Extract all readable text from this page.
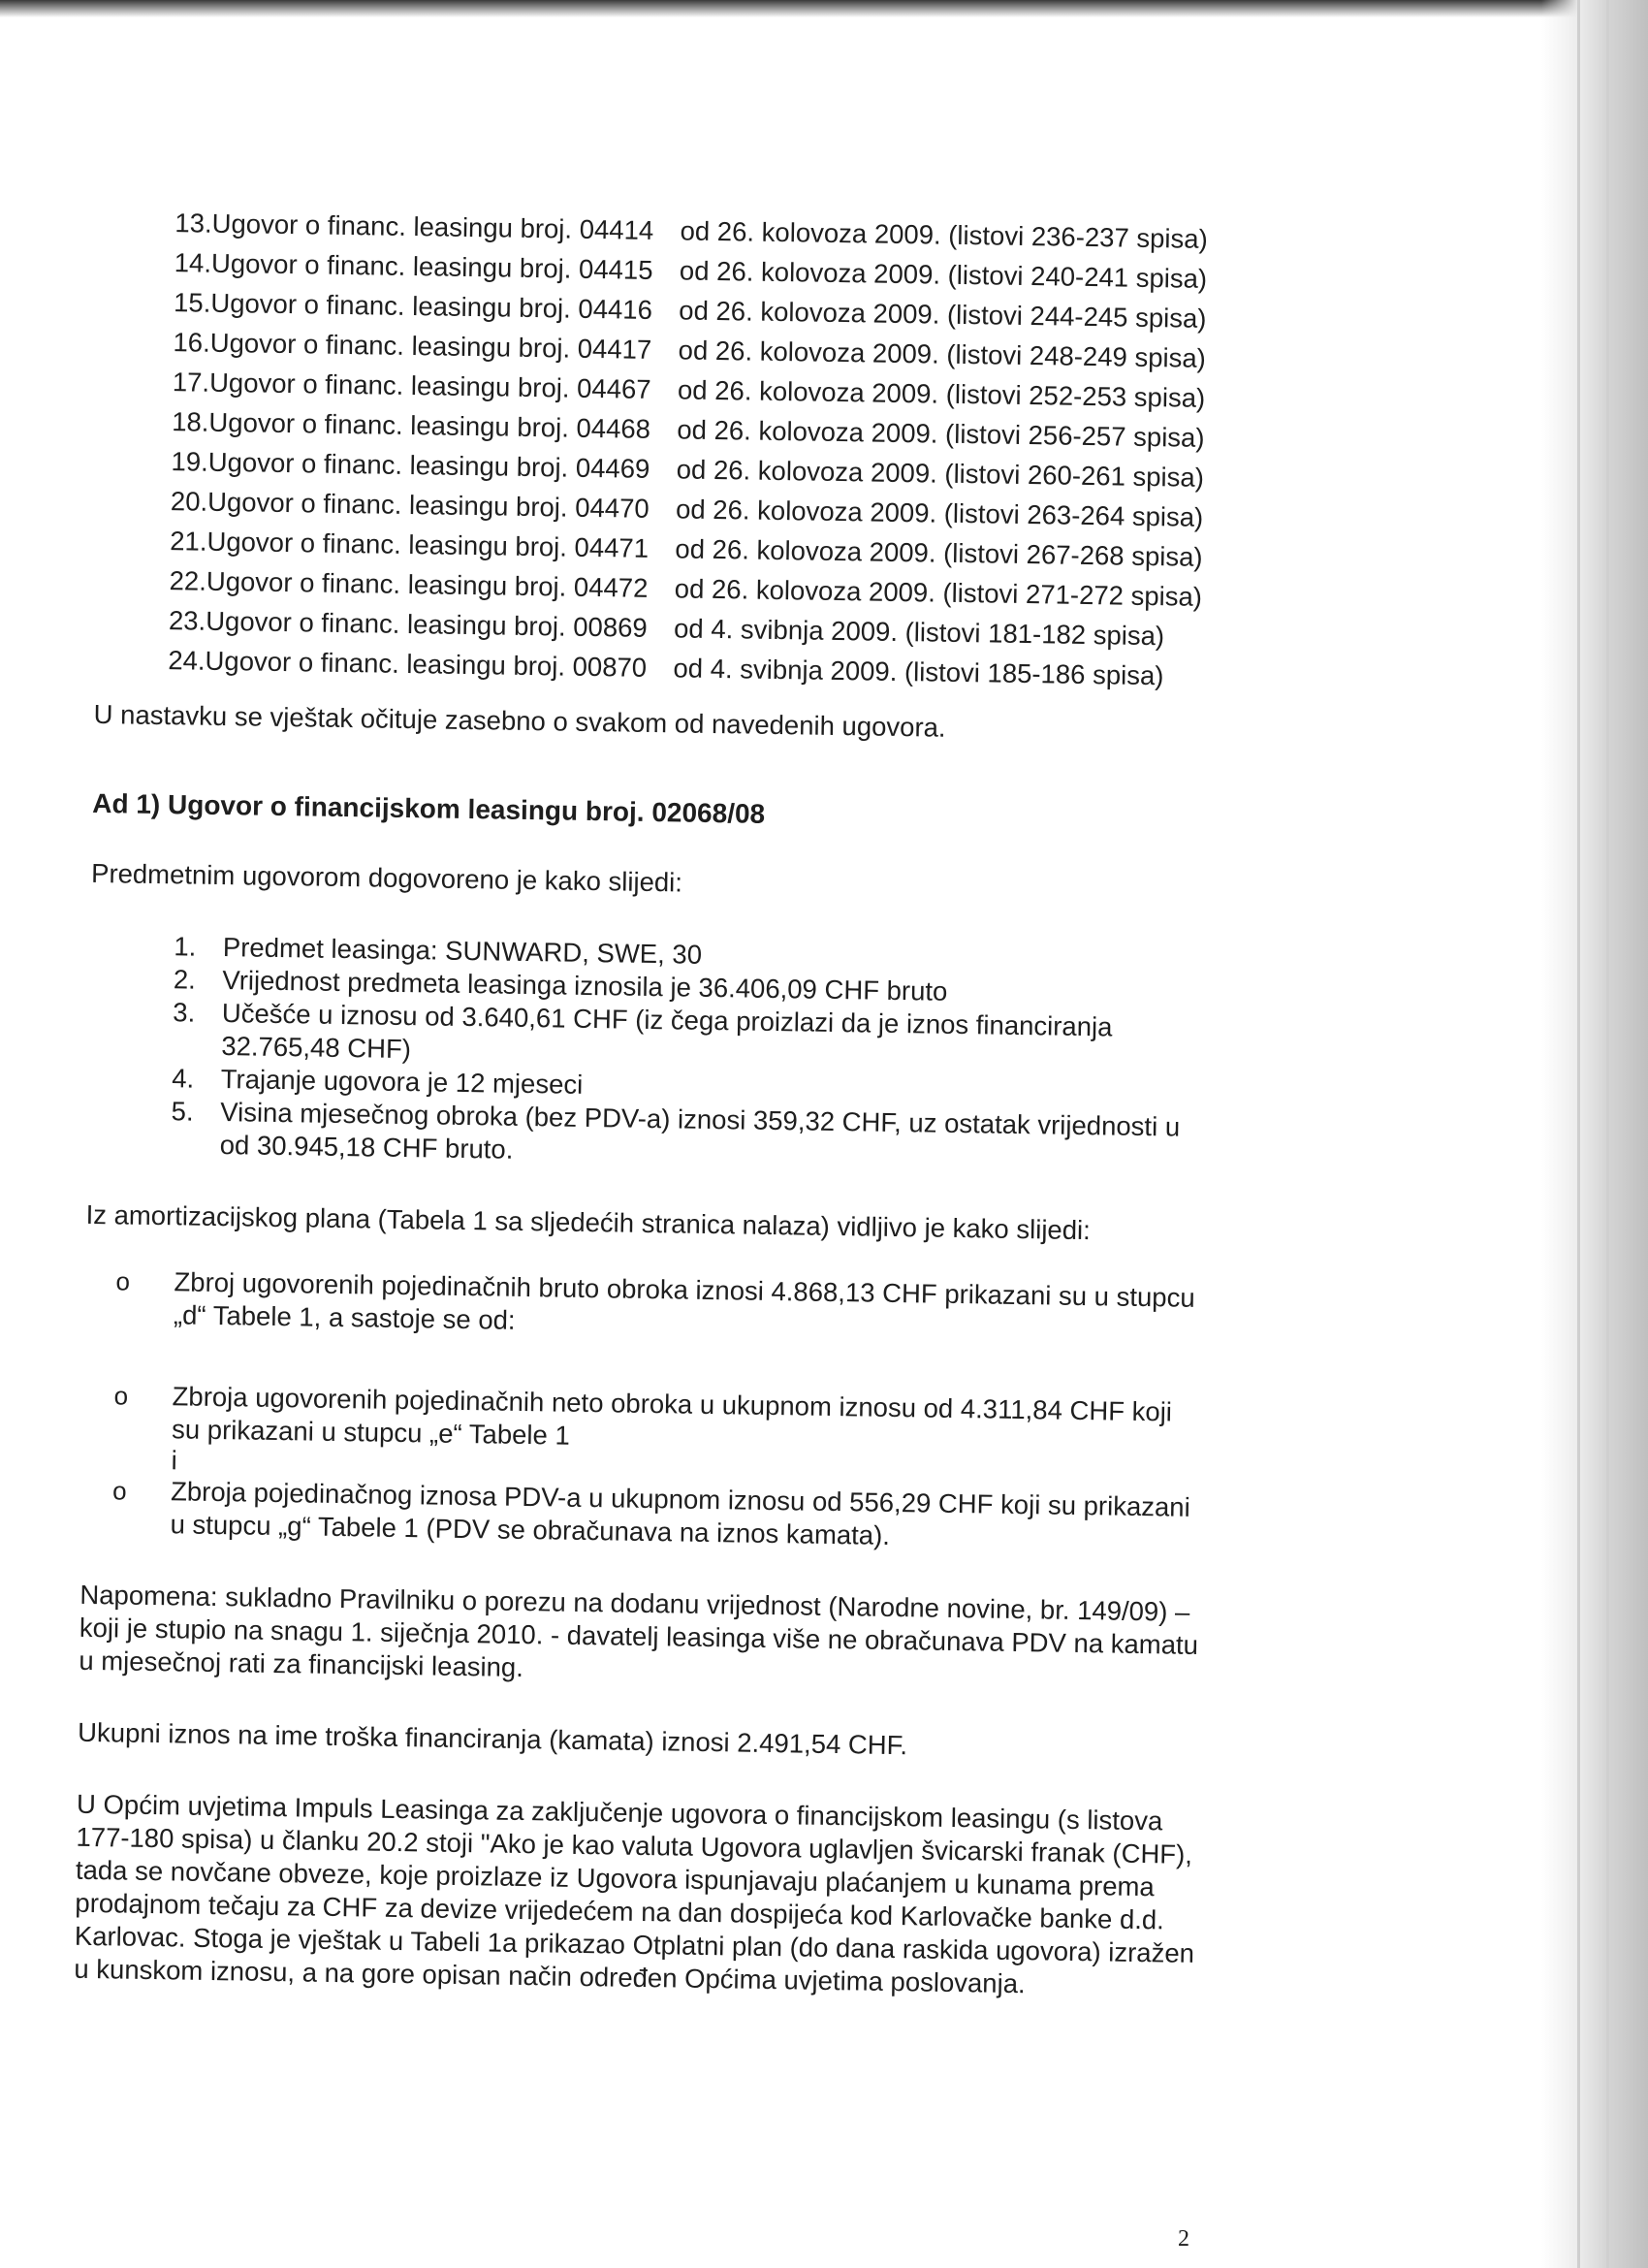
13.	Ugovor o financ. leasingu broj. 04414	od 26. kolovoza 2009. (listovi 236-237 spisa)
14.	Ugovor o financ. leasingu broj. 04415	od 26. kolovoza 2009. (listovi 240-241 spisa)
15.	Ugovor o financ. leasingu broj. 04416	od 26. kolovoza 2009. (listovi 244-245 spisa)
16.	Ugovor o financ. leasingu broj. 04417	od 26. kolovoza 2009. (listovi 248-249 spisa)
17.	Ugovor o financ. leasingu broj. 04467	od 26. kolovoza 2009. (listovi 252-253 spisa)
18.	Ugovor o financ. leasingu broj. 04468	od 26. kolovoza 2009. (listovi 256-257 spisa)
19.	Ugovor o financ. leasingu broj. 04469	od 26. kolovoza 2009. (listovi 260-261 spisa)
20.	Ugovor o financ. leasingu broj. 04470	od 26. kolovoza 2009. (listovi 263-264 spisa)
21.	Ugovor o financ. leasingu broj. 04471	od 26. kolovoza 2009. (listovi 267-268 spisa)
22.	Ugovor o financ. leasingu broj. 04472	od 26. kolovoza 2009. (listovi 271-272 spisa)
23.	Ugovor o financ. leasingu broj. 00869	od 4. svibnja 2009. (listovi 181-182 spisa)
24.	Ugovor o financ. leasingu broj. 00870	od 4. svibnja 2009. (listovi 185-186 spisa)

U nastavku se vještak očituje zasebno o svakom od navedenih ugovora.

Ad 1) Ugovor o financijskom leasingu broj. 02068/08

Predmetnim ugovorom dogovoreno je kako slijedi:

1. Predmet leasinga: SUNWARD, SWE, 30
2. Vrijednost predmeta leasinga iznosila je 36.406,09 CHF bruto
3. Učešće u iznosu od 3.640,61 CHF (iz čega proizlazi da je iznos financiranja 32.765,48 CHF)
4. Trajanje ugovora je 12 mjeseci
5. Visina mjesečnog obroka (bez PDV-a) iznosi 359,32 CHF, uz ostatak vrijednosti u od 30.945,18 CHF bruto.

Iz amortizacijskog plana (Tabela 1 sa sljedećih stranica nalaza) vidljivo je kako slijedi:

o Zbroj ugovorenih pojedinačnih bruto obroka iznosi 4.868,13 CHF prikazani su u stupcu „d“ Tabele 1, a sastoje se od:
o Zbroja ugovorenih pojedinačnih neto obroka u ukupnom iznosu od 4.311,84 CHF koji su prikazani u stupcu „e“ Tabele 1

i

o Zbroja pojedinačnog iznosa PDV-a u ukupnom iznosu od 556,29 CHF koji su prikazani u stupcu „g“ Tabele 1 (PDV se obračunava na iznos kamata).

Napomena: sukladno Pravilniku o porezu na dodanu vrijednost (Narodne novine, br. 149/09) – koji je stupio na snagu 1. siječnja 2010. - davatelj leasinga više ne obračunava PDV na kamatu u mjesečnoj rati za financijski leasing.

Ukupni iznos na ime troška financiranja (kamata) iznosi 2.491,54 CHF.

U Općim uvjetima Impuls Leasinga za zaključenje ugovora o financijskom leasingu (s listova 177-180 spisa) u članku 20.2 stoji "Ako je kao valuta Ugovora uglavljen švicarski franak (CHF), tada se novčane obveze, koje proizlaze iz Ugovora ispunjavaju plaćanjem u kunama prema prodajnom tečaju za CHF za devize vrijedećem na dan dospijeća kod Karlovačke banke d.d. Karlovac. Stoga je vještak u Tabeli 1a prikazao Otplatni plan (do dana raskida ugovora) izražen u kunskom iznosu, a na gore opisan način određen Općima uvjetima poslovanja.

2
